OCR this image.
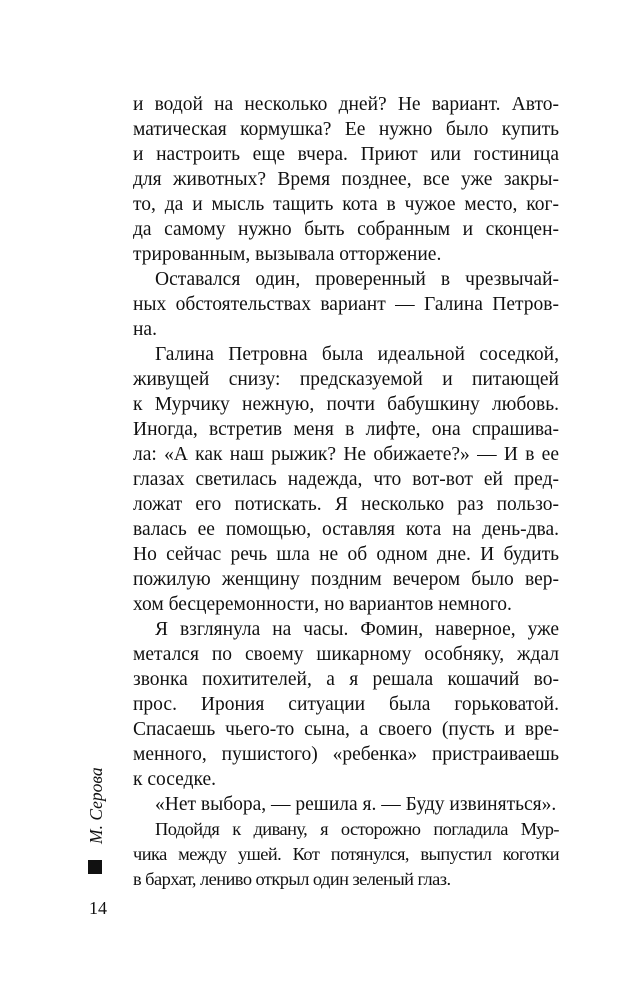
и водой на несколько дней? Не вариант. Авто-
матическая кормушка? Ее нужно было купить
и настроить еще вчера. Приют или гостиница
для животных? Время позднее, все уже закры-
то, да и мысль тащить кота в чужое место, ког-
да самому нужно быть собранным и сконцен-
трированным, вызывала отторжение.
Оставался один, проверенный в чрезвычай-
ных обстоятельствах вариант — Галина Петров-
на.
Галина Петровна была идеальной соседкой,
живущей снизу: предсказуемой и питающей
к Мурчику нежную, почти бабушкину любовь.
Иногда, встретив меня в лифте, она спрашива-
ла: «А как наш рыжик? Не обижаете?» — И в ее
глазах светилась надежда, что вот-вот ей пред-
ложат его потискать. Я несколько раз пользо-
валась ее помощью, оставляя кота на день-два.
Но сейчас речь шла не об одном дне. И будить
пожилую женщину поздним вечером было вер-
хом бесцеремонности, но вариантов немного.
Я взглянула на часы. Фомин, наверное, уже
метался по своему шикарному особняку, ждал
звонка похитителей, а я решала кошачий во-
прос. Ирония ситуации была горьковатой.
Спасаешь чьего-то сына, а своего (пусть и вре-
менного, пушистого) «ребенка» пристраиваешь
к соседке.
«Нет выбора, — решила я. — Буду извиняться».
Подойдя к дивану, я осторожно погладила Мур-
чика между ушей. Кот потянулся, выпустил коготки
в бархат, лениво открыл один зеленый глаз.
М. Серова
14
